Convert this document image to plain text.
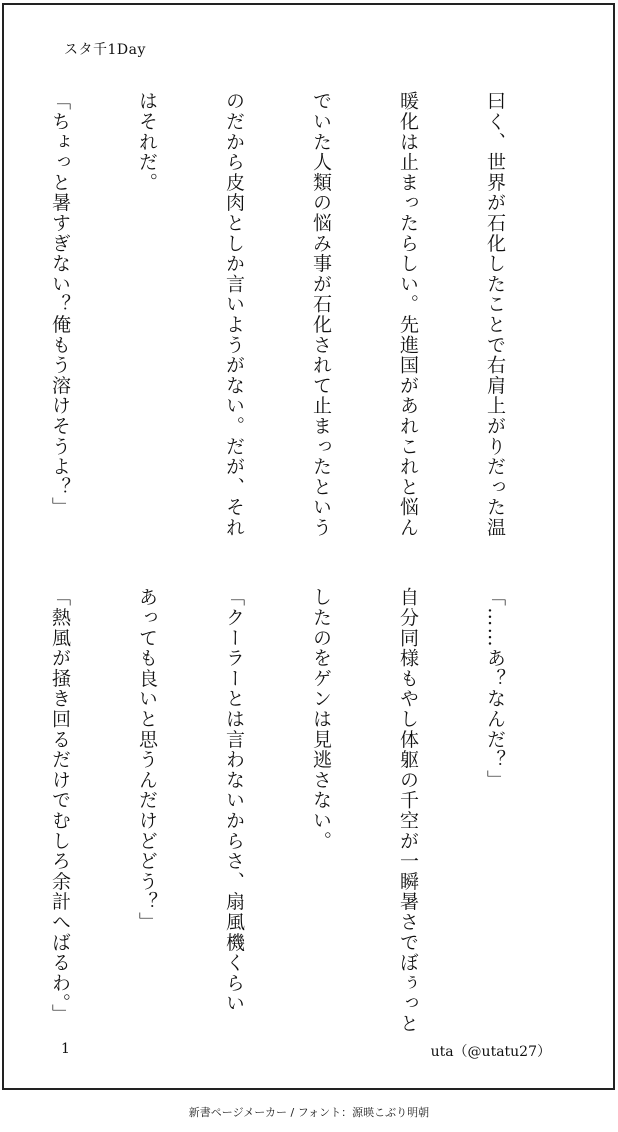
スタ千1Day

曰く、世界が石化したことで右肩上がりだった温

暖化は止まったらしい。先進国があれこれと悩ん

でいた人類の悩み事が石化されて止まったという

のだから皮肉としか言いようがない。だが、それ

はそれだ。

「ちょっと暑すぎない？俺もう溶けそうよ？」

「……あ？なんだ？」

自分同様もやし体躯の千空が一瞬暑さでぼぅっと

したのをゲンは見逃さない。

「クーラーとは言わないからさ、扇風機くらい

あっても良いと思うんだけどどう？」

「熱風が掻き回るだけでむしろ余計へばるわ。」

1	uta（@utatu27）
新書ページメーカー / フォント：源暎こぶり明朝
